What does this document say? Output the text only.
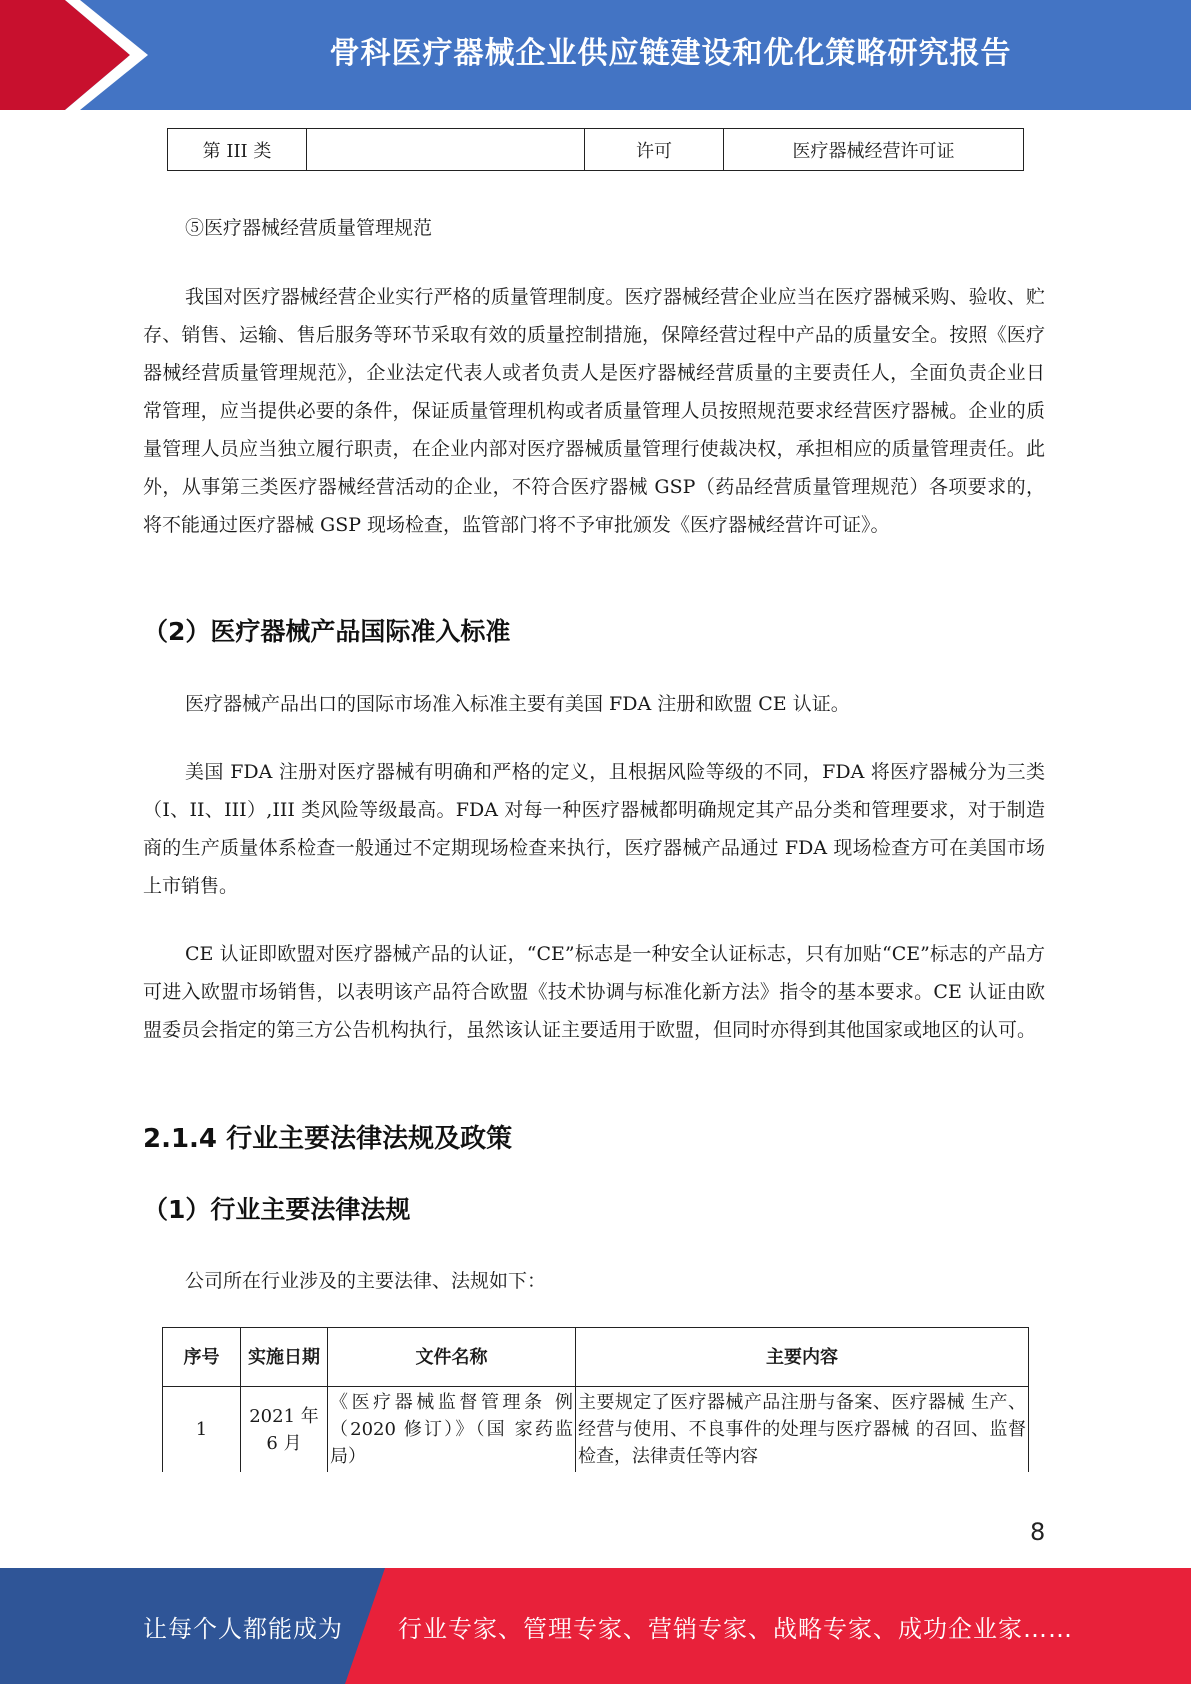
骨科医疗器械企业供应链建设和优化策略研究报告
第 III 类		许可	医疗器械经营许可证

⑤医疗器械经营质量管理规范

我国对医疗器械经营企业实行严格的质量管理制度。医疗器械经营企业应当在医疗器械采购、验收、贮存、销售、运输、售后服务等环节采取有效的质量控制措施，保障经营过程中产品的质量安全。按照《医疗器械经营质量管理规范》，企业法定代表人或者负责人是医疗器械经营质量的主要责任人，全面负责企业日常管理，应当提供必要的条件，保证质量管理机构或者质量管理人员按照规范要求经营医疗器械。企业的质量管理人员应当独立履行职责，在企业内部对医疗器械质量管理行使裁决权，承担相应的质量管理责任。此外，从事第三类医疗器械经营活动的企业，不符合医疗器械 GSP（药品经营质量管理规范）各项要求的，将不能通过医疗器械 GSP 现场检查，监管部门将不予审批颁发《医疗器械经营许可证》。

（2）医疗器械产品国际准入标准

医疗器械产品出口的国际市场准入标准主要有美国 FDA 注册和欧盟 CE 认证。

美国 FDA 注册对医疗器械有明确和严格的定义，且根据风险等级的不同，FDA 将医疗器械分为三类（I、II、III）,III 类风险等级最高。FDA 对每一种医疗器械都明确规定其产品分类和管理要求，对于制造商的生产质量体系检查一般通过不定期现场检查来执行，医疗器械产品通过 FDA 现场检查方可在美国市场上市销售。

CE 认证即欧盟对医疗器械产品的认证，“CE”标志是一种安全认证标志，只有加贴“CE”标志的产品方可进入欧盟市场销售，以表明该产品符合欧盟《技术协调与标准化新方法》指令的基本要求。CE 认证由欧盟委员会指定的第三方公告机构执行，虽然该认证主要适用于欧盟，但同时亦得到其他国家或地区的认可。

2.1.4 行业主要法律法规及政策
（1）行业主要法律法规

公司所在行业涉及的主要法律、法规如下：

序号	实施日期	文件名称	主要内容
1	2021 年 6 月	《医疗器械监督管理条 例（2020 修订）》（国 家药监局）	主要规定了医疗器械产品注册与备案、医疗器械 生产、经营与使用、不良事件的处理与医疗器械 的召回、监督检查，法律责任等内容
8
让每个人都能成为 行业专家、管理专家、营销专家、战略专家、成功企业家……
